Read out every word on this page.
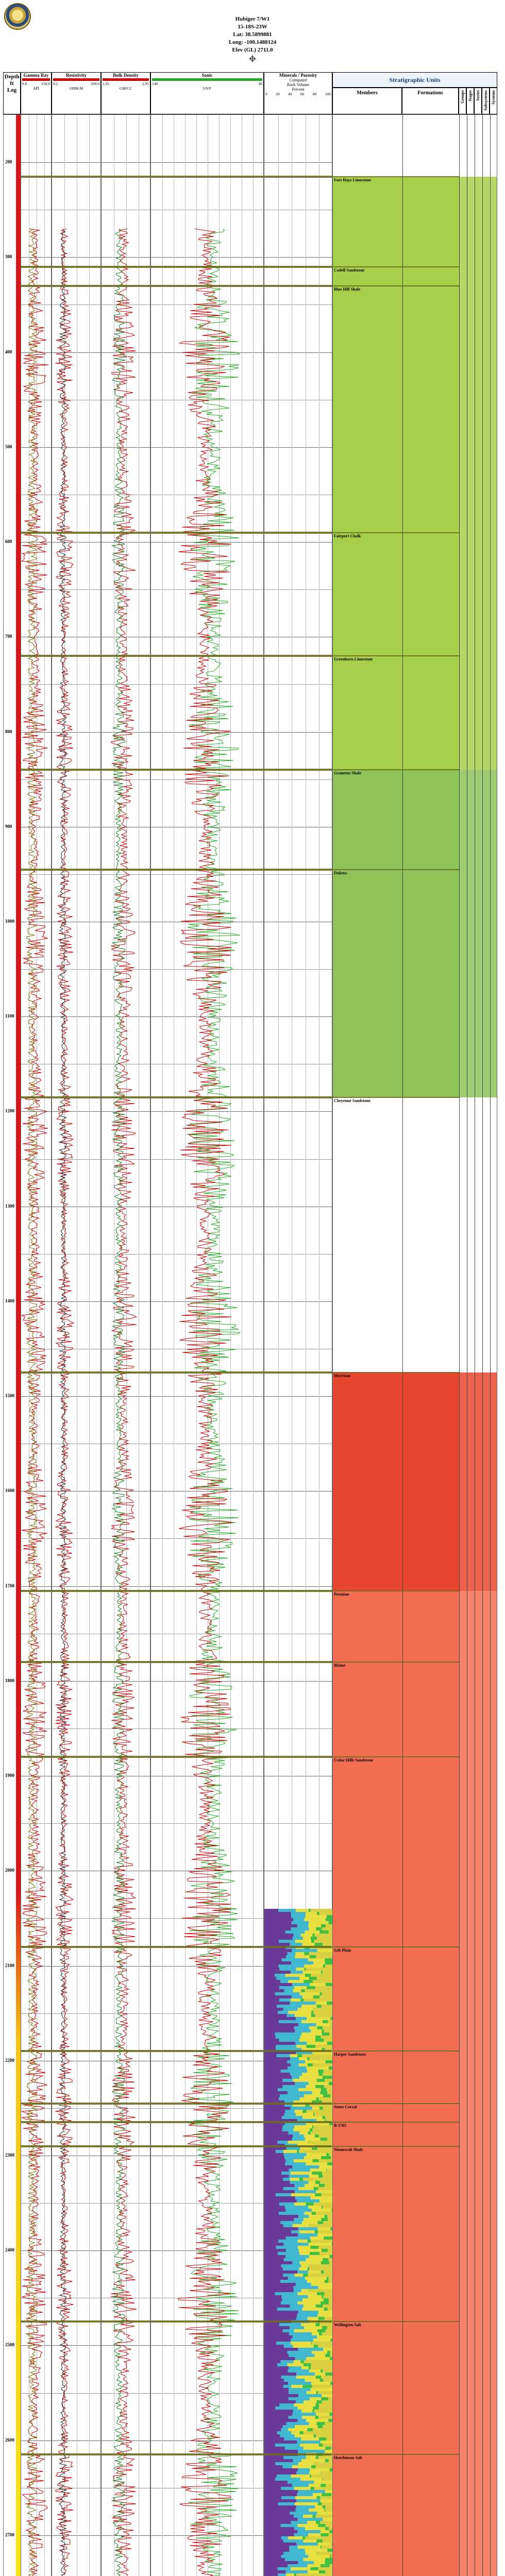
Hubiger 7/W1
15-18S-23W
Lat: 38.5899881
Long: -100.1488124
Elev (GL) 2711.0
Depth
ft
Log
Gamma Ray
0.0	150.0
API
Resistivity
0.2	200.0
OHM-M
Bulk Density
1.95	2.95
GM/CC
Sonic
140	40
US/F
Minerals / Porosity
Computed
Rock Volume
Percent
0 20 40 60 80 100
Stratigraphic Units
Members	Formations	Groups Stages Series Subsystems Systems
200
300
400
500
600
700
800
900
1000
1100
1200
1300
1400
1500
1600
1700
1800
1900
2000
2100
2200
2300
2400
2500
2600
2700
Fort Hays Limestone
Codell Sandstone
Blue Hill Shale
Fairport Chalk
Greenhorn Limestone
Graneros Shale
Dakota
Cheyenne Sandstone
Morrison
Permian
Blaine
Cedar Hills Sandstone
Salt Plain
Harper Sandstone
Stone Corral
B-1765
Ninnescah Shale
Wellington Salt
Hutchinson Salt
